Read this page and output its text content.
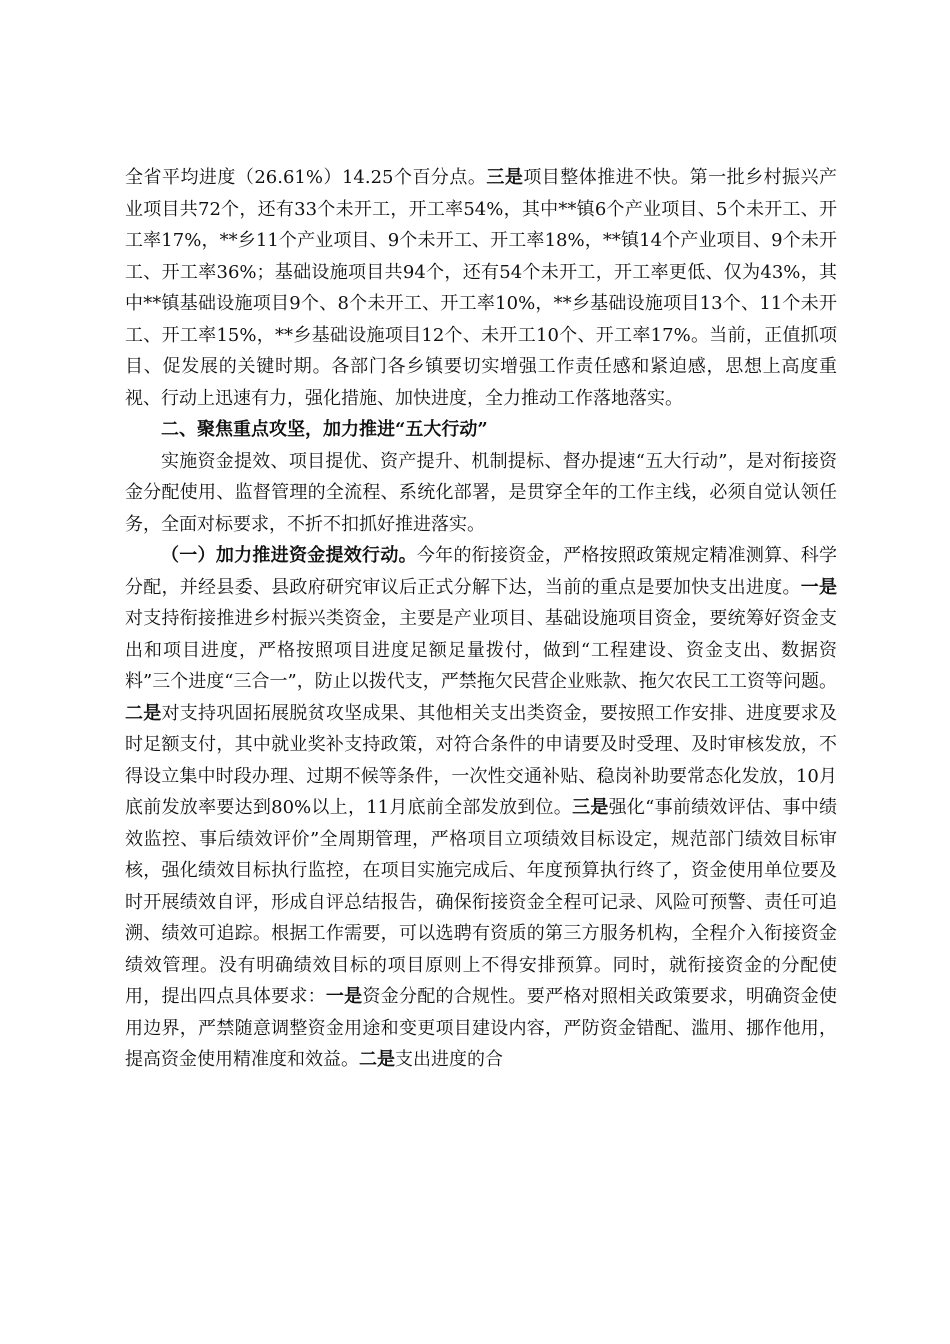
全省平均进度（26.61%）14.25个百分点。三是项目整体推进不快。第一批乡村振兴产业项目共72个，还有33个未开工，开工率54%，其中**镇6个产业项目、5个未开工、开工率17%，**乡11个产业项目、9个未开工、开工率18%，**镇14个产业项目、9个未开工、开工率36%；基础设施项目共94个，还有54个未开工，开工率更低、仅为43%，其中**镇基础设施项目9个、8个未开工、开工率10%，**乡基础设施项目13个、11个未开工、开工率15%，**乡基础设施项目12个、未开工10个、开工率17%。当前，正值抓项目、促发展的关键时期。各部门各乡镇要切实增强工作责任感和紧迫感，思想上高度重视、行动上迅速有力，强化措施、加快进度，全力推动工作落地落实。

二、聚焦重点攻坚，加力推进“五大行动”

实施资金提效、项目提优、资产提升、机制提标、督办提速“五大行动”，是对衔接资金分配使用、监督管理的全流程、系统化部署，是贯穿全年的工作主线，必须自觉认领任务，全面对标要求，不折不扣抓好推进落实。

（一）加力推进资金提效行动。今年的衔接资金，严格按照政策规定精准测算、科学分配，并经县委、县政府研究审议后正式分解下达，当前的重点是要加快支出进度。一是对支持衔接推进乡村振兴类资金，主要是产业项目、基础设施项目资金，要统筹好资金支出和项目进度，严格按照项目进度足额足量拨付，做到“工程建设、资金支出、数据资料”三个进度“三合一”，防止以拨代支，严禁拖欠民营企业账款、拖欠农民工工资等问题。二是对支持巩固拓展脱贫攻坚成果、其他相关支出类资金，要按照工作安排、进度要求及时足额支付，其中就业奖补支持政策，对符合条件的申请要及时受理、及时审核发放，不得设立集中时段办理、过期不候等条件，一次性交通补贴、稳岗补助要常态化发放，10月底前发放率要达到80%以上，11月底前全部发放到位。三是强化“事前绩效评估、事中绩效监控、事后绩效评价”全周期管理，严格项目立项绩效目标设定，规范部门绩效目标审核，强化绩效目标执行监控，在项目实施完成后、年度预算执行终了，资金使用单位要及时开展绩效自评，形成自评总结报告，确保衔接资金全程可记录、风险可预警、责任可追溯、绩效可追踪。根据工作需要，可以选聘有资质的第三方服务机构，全程介入衔接资金绩效管理。没有明确绩效目标的项目原则上不得安排预算。同时，就衔接资金的分配使用，提出四点具体要求：一是资金分配的合规性。要严格对照相关政策要求，明确资金使用边界，严禁随意调整资金用途和变更项目建设内容，严防资金错配、滥用、挪作他用，提高资金使用精准度和效益。二是支出进度的合
